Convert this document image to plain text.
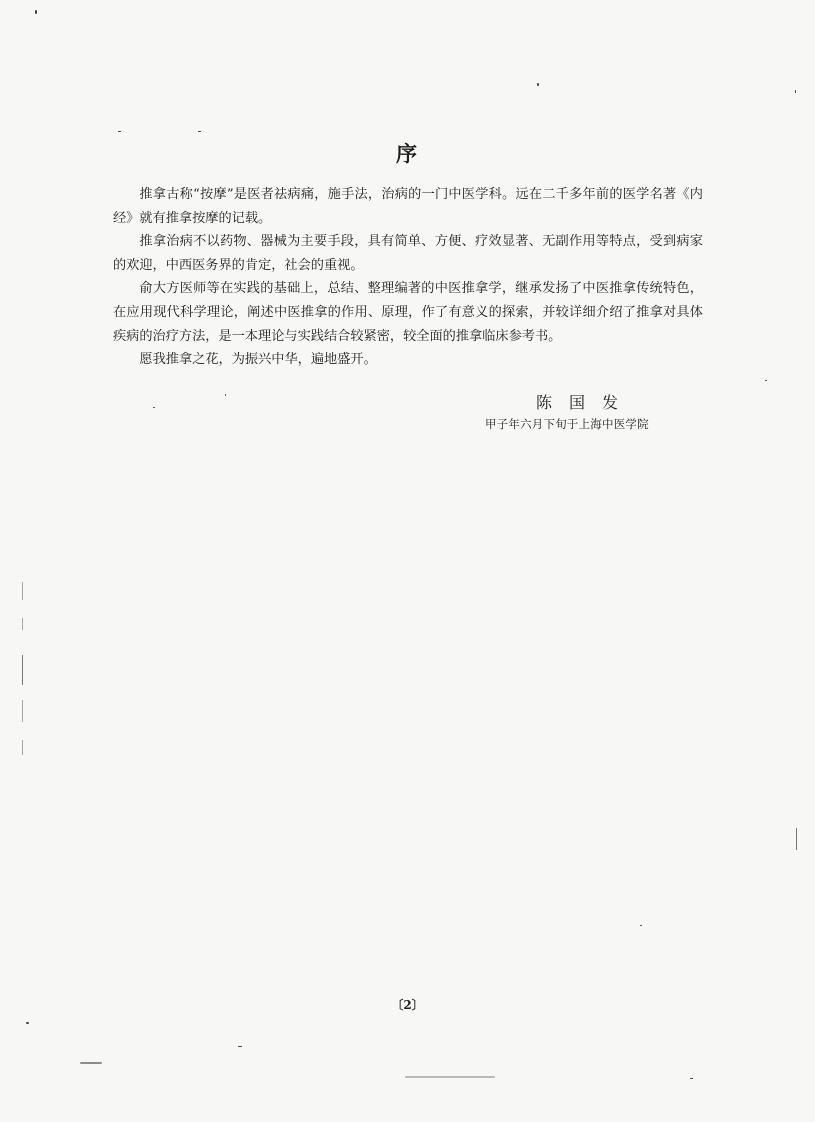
序

推拿古称“按摩”是医者祛病痛，施手法，治病的一门中医学科。远在二千多年前的医学名著《内经》就有推拿按摩的记载。

推拿治病不以药物、器械为主要手段，具有简单、方便、疗效显著、无副作用等特点，受到病家的欢迎，中西医务界的肯定，社会的重视。

俞大方医师等在实践的基础上，总结、整理编著的中医推拿学，继承发扬了中医推拿传统特色，在应用现代科学理论，阐述中医推拿的作用、原理，作了有意义的探索，并较详细介绍了推拿对具体疾病的治疗方法，是一本理论与实践结合较紧密，较全面的推拿临床参考书。

愿我推拿之花，为振兴中华，遍地盛开。

陈国发
甲子年六月下旬于上海中医学院
〔2〕
